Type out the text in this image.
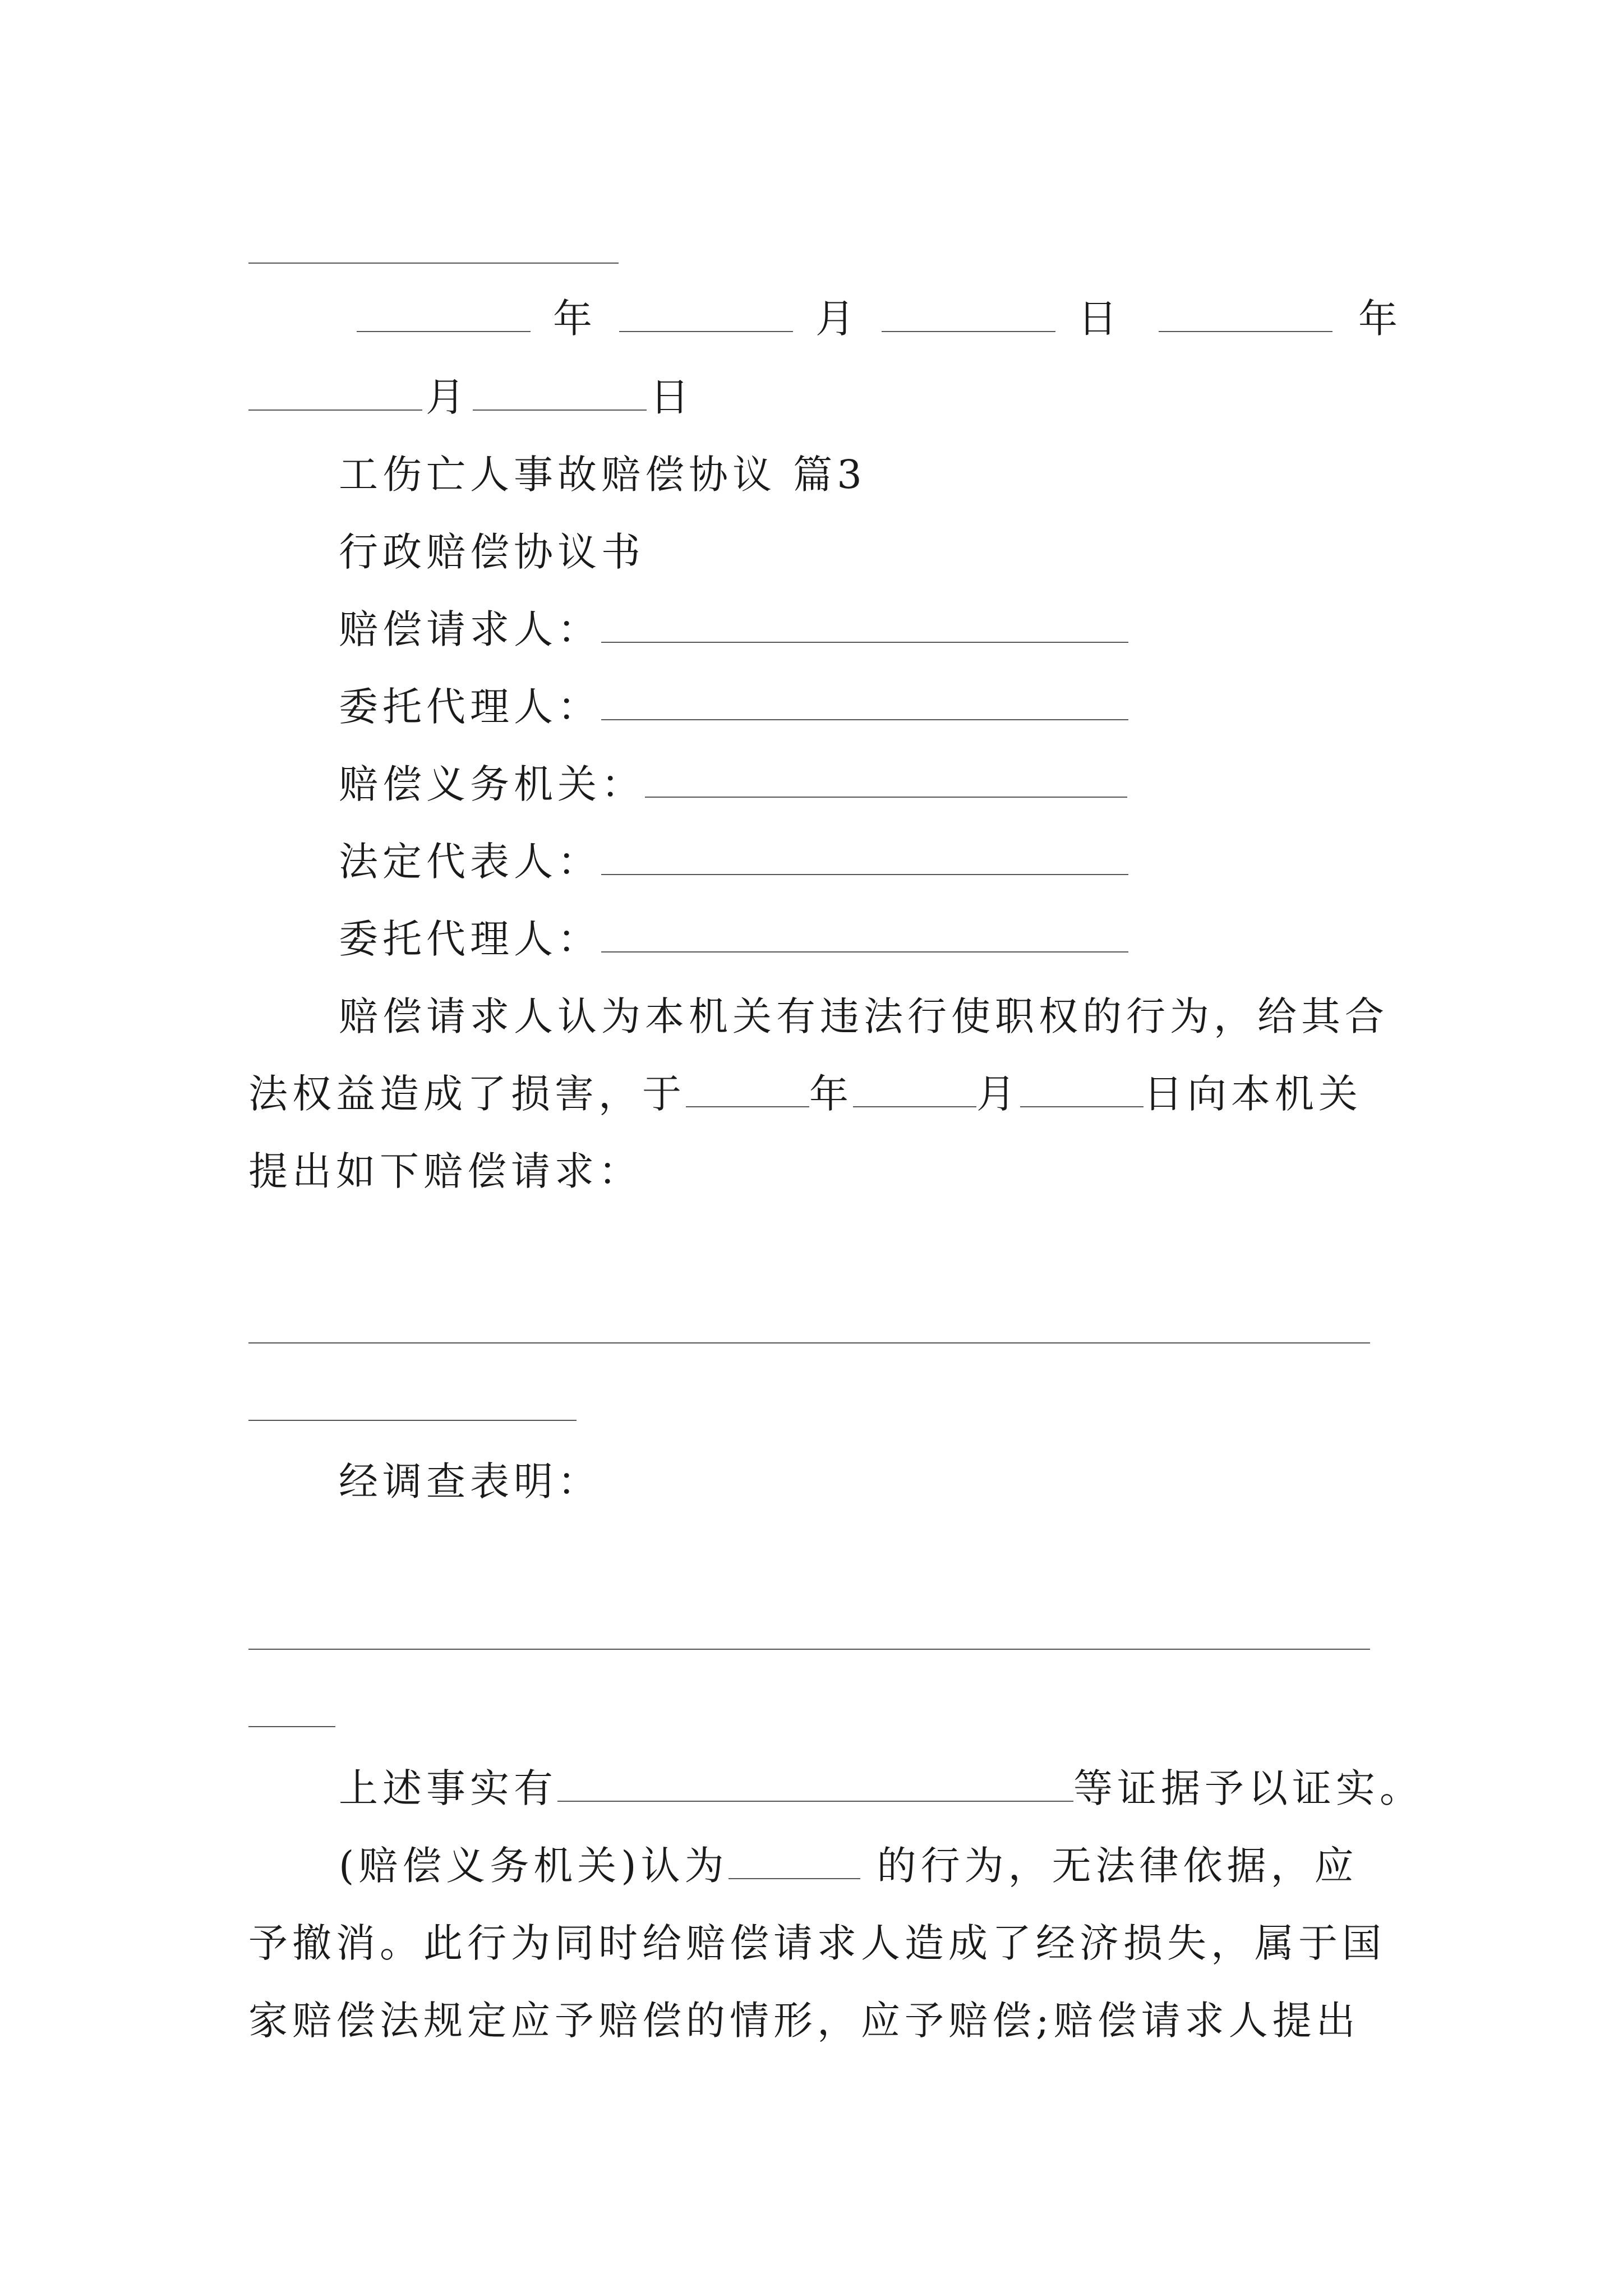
年	月	日	年
月	日
工伤亡人事故赔偿协议 篇3
行政赔偿协议书
赔偿请求人：
委托代理人：
赔偿义务机关：
法定代表人：
委托代理人：
赔偿请求人认为本机关有违法行使职权的行为，给其合
法权益造成了损害，于	年	月	日向本机关
提出如下赔偿请求：
经调查表明：
上述事实有	等证据予以证实。
(赔偿义务机关)认为	的行为，无法律依据，应
予撤消。此行为同时给赔偿请求人造成了经济损失，属于国
家赔偿法规定应予赔偿的情形，应予赔偿;赔偿请求人提出
